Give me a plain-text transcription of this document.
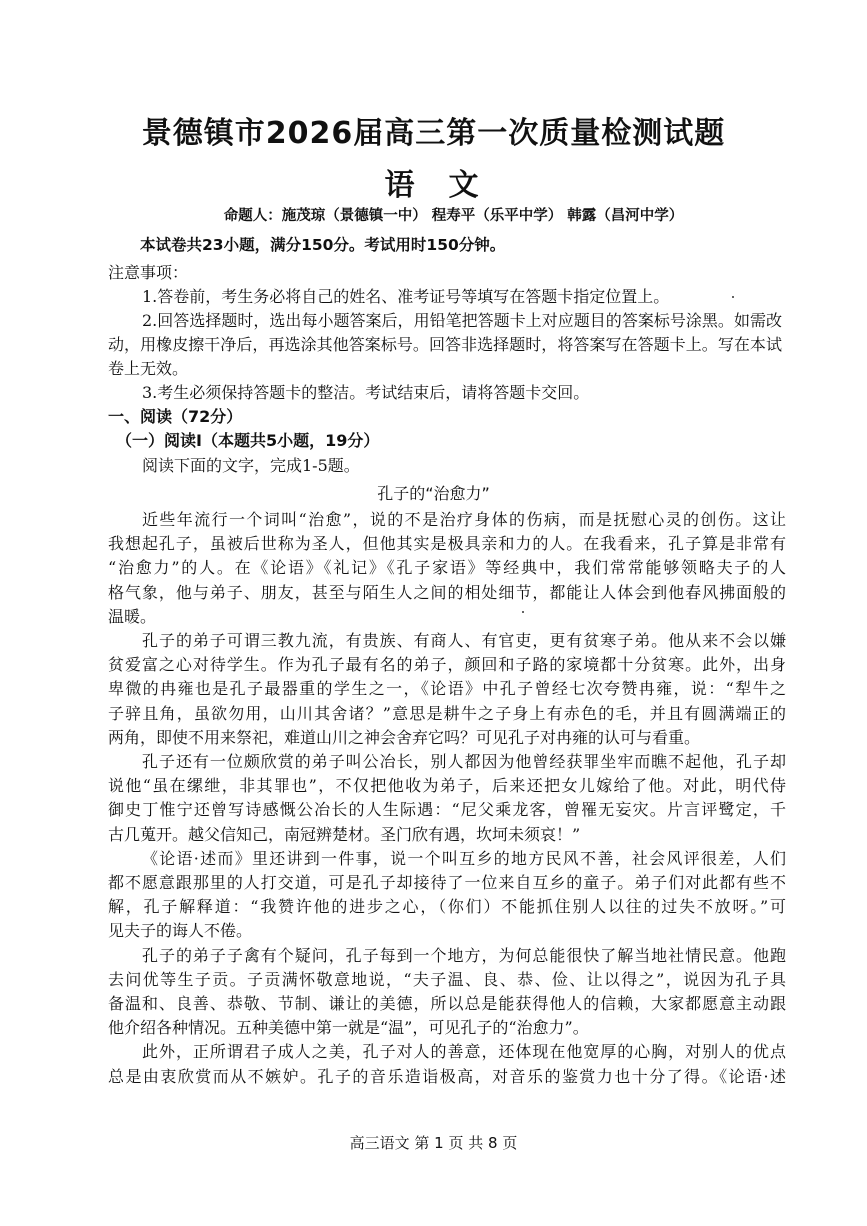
景德镇市2026届高三第一次质量检测试题
语文
命题人：施茂琼（景德镇一中） 程寿平（乐平中学） 韩露（昌河中学）
本试卷共23小题，满分150分。考试用时150分钟。
注意事项：
1.答卷前，考生务必将自己的姓名、准考证号等填写在答题卡指定位置上。
2.回答选择题时，选出每小题答案后，用铅笔把答题卡上对应题目的答案标号涂黑。如需改
动，用橡皮擦干净后，再选涂其他答案标号。回答非选择题时，将答案写在答题卡上。写在本试
卷上无效。
3.考生必须保持答题卡的整洁。考试结束后，请将答题卡交回。
一、阅读（72分）
（一）阅读Ⅰ（本题共5小题，19分）
阅读下面的文字，完成1-5题。
孔子的“治愈力”
近些年流行一个词叫“治愈”，说的不是治疗身体的伤病，而是抚慰心灵的创伤。这让
我想起孔子，虽被后世称为圣人，但他其实是极具亲和力的人。在我看来，孔子算是非常有
“治愈力”的人。在《论语》《礼记》《孔子家语》等经典中，我们常常能够领略夫子的人
格气象，他与弟子、朋友，甚至与陌生人之间的相处细节，都能让人体会到他春风拂面般的
温暖。
孔子的弟子可谓三教九流，有贵族、有商人、有官吏，更有贫寒子弟。他从来不会以嫌
贫爱富之心对待学生。作为孔子最有名的弟子，颜回和子路的家境都十分贫寒。此外，出身
卑微的冉雍也是孔子最器重的学生之一，《论语》中孔子曾经七次夸赞冉雍，说：“犁牛之
子骍且角，虽欲勿用，山川其舍诸？”意思是耕牛之子身上有赤色的毛，并且有圆满端正的
两角，即使不用来祭祀，难道山川之神会舍弃它吗？可见孔子对冉雍的认可与看重。
孔子还有一位颇欣赏的弟子叫公冶长，别人都因为他曾经获罪坐牢而瞧不起他，孔子却
说他“虽在缧绁，非其罪也”，不仅把他收为弟子，后来还把女儿嫁给了他。对此，明代侍
御史丁惟宁还曾写诗感慨公冶长的人生际遇：“尼父乘龙客，曾罹无妄灾。片言评鹭定，千
古几蒐开。越父信知己，南冠辨楚材。圣门欣有遇，坎坷未须哀！”
《论语·述而》里还讲到一件事，说一个叫互乡的地方民风不善，社会风评很差，人们
都不愿意跟那里的人打交道，可是孔子却接待了一位来自互乡的童子。弟子们对此都有些不
解，孔子解释道：“我赞许他的进步之心，（你们）不能抓住别人以往的过失不放呀。”可
见夫子的诲人不倦。
孔子的弟子子禽有个疑问，孔子每到一个地方，为何总能很快了解当地社情民意。他跑
去问优等生子贡。子贡满怀敬意地说，“夫子温、良、恭、俭、让以得之”，说因为孔子具
备温和、良善、恭敬、节制、谦让的美德，所以总是能获得他人的信赖，大家都愿意主动跟
他介绍各种情况。五种美德中第一就是“温”，可见孔子的“治愈力”。
此外，正所谓君子成人之美，孔子对人的善意，还体现在他宽厚的心胸，对别人的优点
总是由衷欣赏而从不嫉妒。孔子的音乐造诣极高，对音乐的鉴赏力也十分了得。《论语·述
高三语文 第 1 页 共 8 页
